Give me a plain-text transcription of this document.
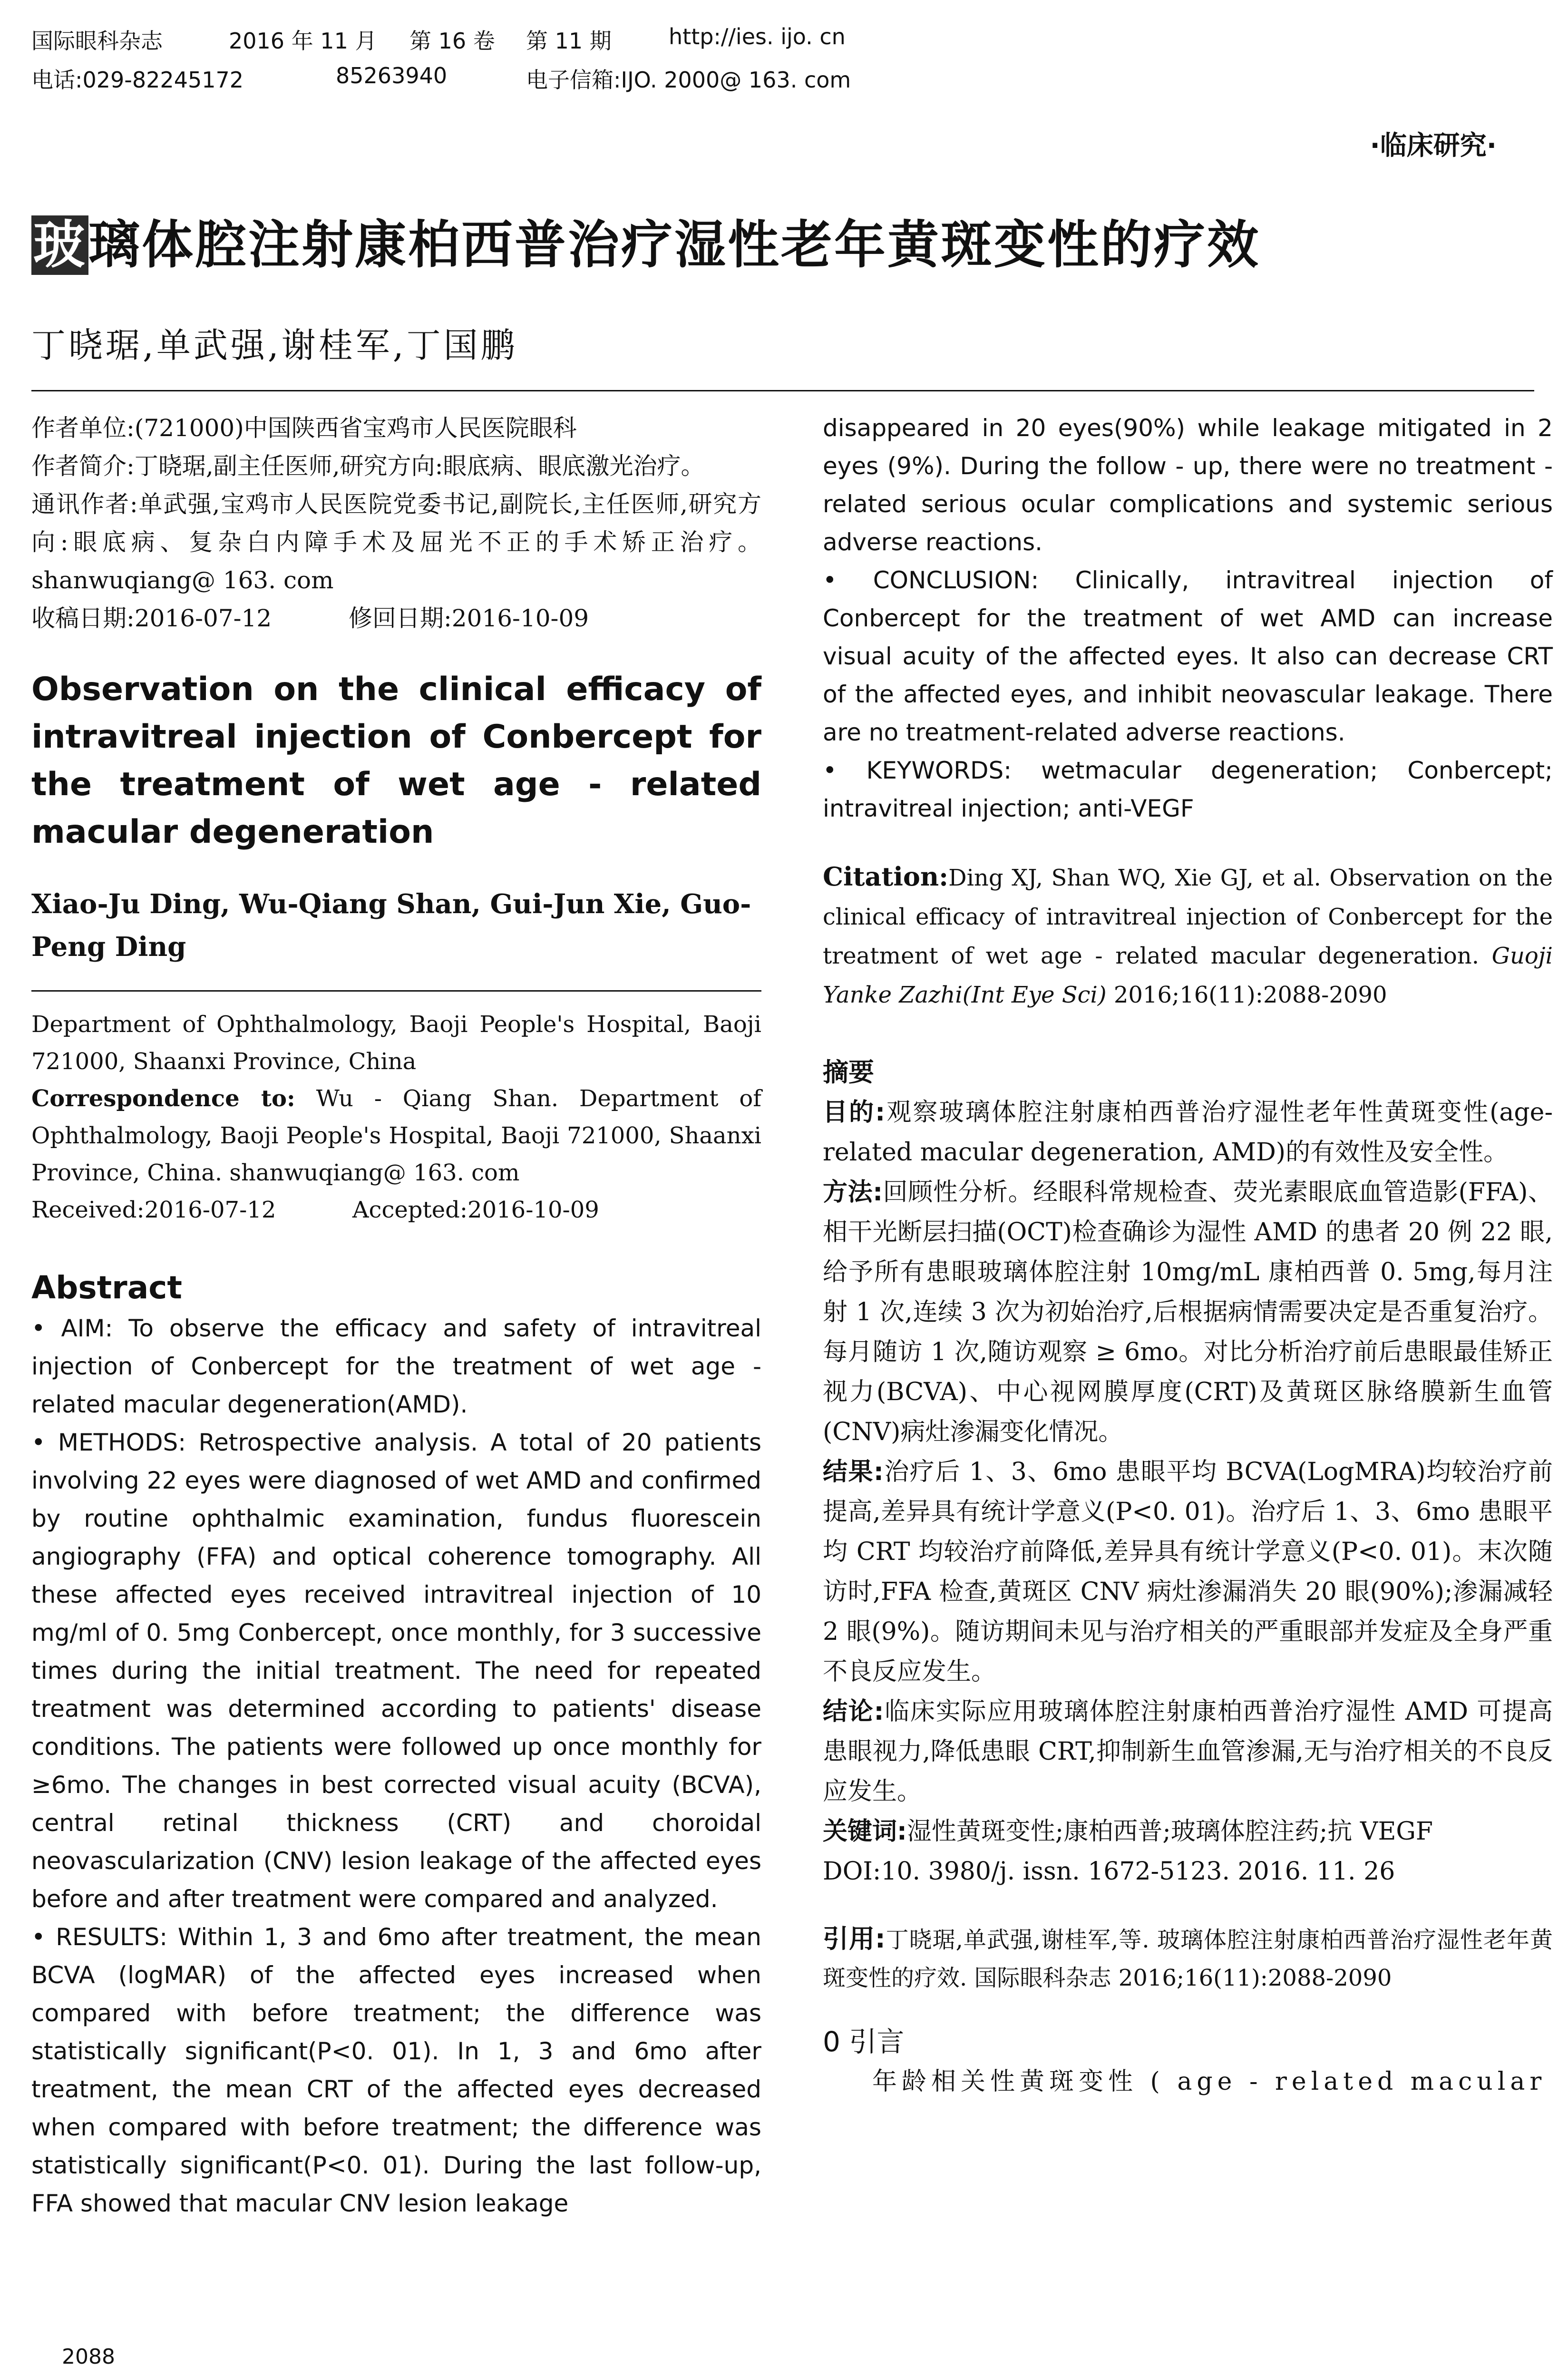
国际眼科杂志	2016 年 11 月 第 16 卷 第 11 期	http://ies. ijo. cn
电话:029-82245172	85263940	电子信箱:IJO. 2000@ 163. com
·临床研究·
玻璃体腔注射康柏西普治疗湿性老年黄斑变性的疗效
丁晓琚,单武强,谢桂军,丁国鹏

作者单位:(721000)中国陕西省宝鸡市人民医院眼科

作者简介:丁晓琚,副主任医师,研究方向:眼底病、眼底激光治疗。

通讯作者:单武强,宝鸡市人民医院党委书记,副院长,主任医师,研究方向:眼底病、复杂白内障手术及屈光不正的手术矫正治疗。shanwuqiang@ 163. com

收稿日期:2016-07-12	修回日期:2016-10-09

Observation on the clinical efficacy of intravitreal injection of Conbercept for the treatment of wet age - related macular degeneration
Xiao-Ju Ding, Wu-Qiang Shan, Gui-Jun Xie, Guo-Peng Ding

Department of Ophthalmology, Baoji People's Hospital, Baoji 721000, Shaanxi Province, China

Correspondence to: Wu - Qiang Shan. Department of Ophthalmology, Baoji People's Hospital, Baoji 721000, Shaanxi Province, China. shanwuqiang@ 163. com

Received:2016-07-12	Accepted:2016-10-09

Abstract

• AIM: To observe the efficacy and safety of intravitreal injection of Conbercept for the treatment of wet age - related macular degeneration(AMD).

• METHODS: Retrospective analysis. A total of 20 patients involving 22 eyes were diagnosed of wet AMD and confirmed by routine ophthalmic examination, fundus fluorescein angiography (FFA) and optical coherence tomography. All these affected eyes received intravitreal injection of 10 mg/ml of 0. 5mg Conbercept, once monthly, for 3 successive times during the initial treatment. The need for repeated treatment was determined according to patients' disease conditions. The patients were followed up once monthly for ≥6mo. The changes in best corrected visual acuity (BCVA), central retinal thickness (CRT) and choroidal neovascularization (CNV) lesion leakage of the affected eyes before and after treatment were compared and analyzed.

• RESULTS: Within 1, 3 and 6mo after treatment, the mean BCVA (logMAR) of the affected eyes increased when compared with before treatment; the difference was statistically significant(P<0. 01). In 1, 3 and 6mo after treatment, the mean CRT of the affected eyes decreased when compared with before treatment; the difference was statistically significant(P<0. 01). During the last follow-up, FFA showed that macular CNV lesion leakage

disappeared in 20 eyes(90%) while leakage mitigated in 2 eyes (9%). During the follow - up, there were no treatment - related serious ocular complications and systemic serious adverse reactions.

• CONCLUSION: Clinically, intravitreal injection of Conbercept for the treatment of wet AMD can increase visual acuity of the affected eyes. It also can decrease CRT of the affected eyes, and inhibit neovascular leakage. There are no treatment-related adverse reactions.

• KEYWORDS: wetmacular degeneration; Conbercept; intravitreal injection; anti-VEGF

Citation:Ding XJ, Shan WQ, Xie GJ, et al. Observation on the clinical efficacy of intravitreal injection of Conbercept for the treatment of wet age - related macular degeneration. Guoji Yanke Zazhi(Int Eye Sci) 2016;16(11):2088-2090
摘要

目的:观察玻璃体腔注射康柏西普治疗湿性老年性黄斑变性(age-related macular degeneration, AMD)的有效性及安全性。

方法:回顾性分析。经眼科常规检查、荧光素眼底血管造影(FFA)、相干光断层扫描(OCT)检查确诊为湿性 AMD 的患者 20 例 22 眼,给予所有患眼玻璃体腔注射 10mg/mL 康柏西普 0. 5mg,每月注射 1 次,连续 3 次为初始治疗,后根据病情需要决定是否重复治疗。每月随访 1 次,随访观察 ≥ 6mo。对比分析治疗前后患眼最佳矫正视力(BCVA)、中心视网膜厚度(CRT)及黄斑区脉络膜新生血管(CNV)病灶渗漏变化情况。

结果:治疗后 1、3、6mo 患眼平均 BCVA(LogMRA)均较治疗前提高,差异具有统计学意义(P<0. 01)。治疗后 1、3、6mo 患眼平均 CRT 均较治疗前降低,差异具有统计学意义(P<0. 01)。末次随访时,FFA 检查,黄斑区 CNV 病灶渗漏消失 20 眼(90%);渗漏减轻 2 眼(9%)。随访期间未见与治疗相关的严重眼部并发症及全身严重不良反应发生。

结论:临床实际应用玻璃体腔注射康柏西普治疗湿性 AMD 可提高患眼视力,降低患眼 CRT,抑制新生血管渗漏,无与治疗相关的不良反应发生。

关键词:湿性黄斑变性;康柏西普;玻璃体腔注药;抗 VEGF

DOI:10. 3980/j. issn. 1672-5123. 2016. 11. 26

引用:丁晓琚,单武强,谢桂军,等. 玻璃体腔注射康柏西普治疗湿性老年黄斑变性的疗效. 国际眼科杂志 2016;16(11):2088-2090
0 引言
年龄相关性黄斑变性 ( age - related macular
2088
